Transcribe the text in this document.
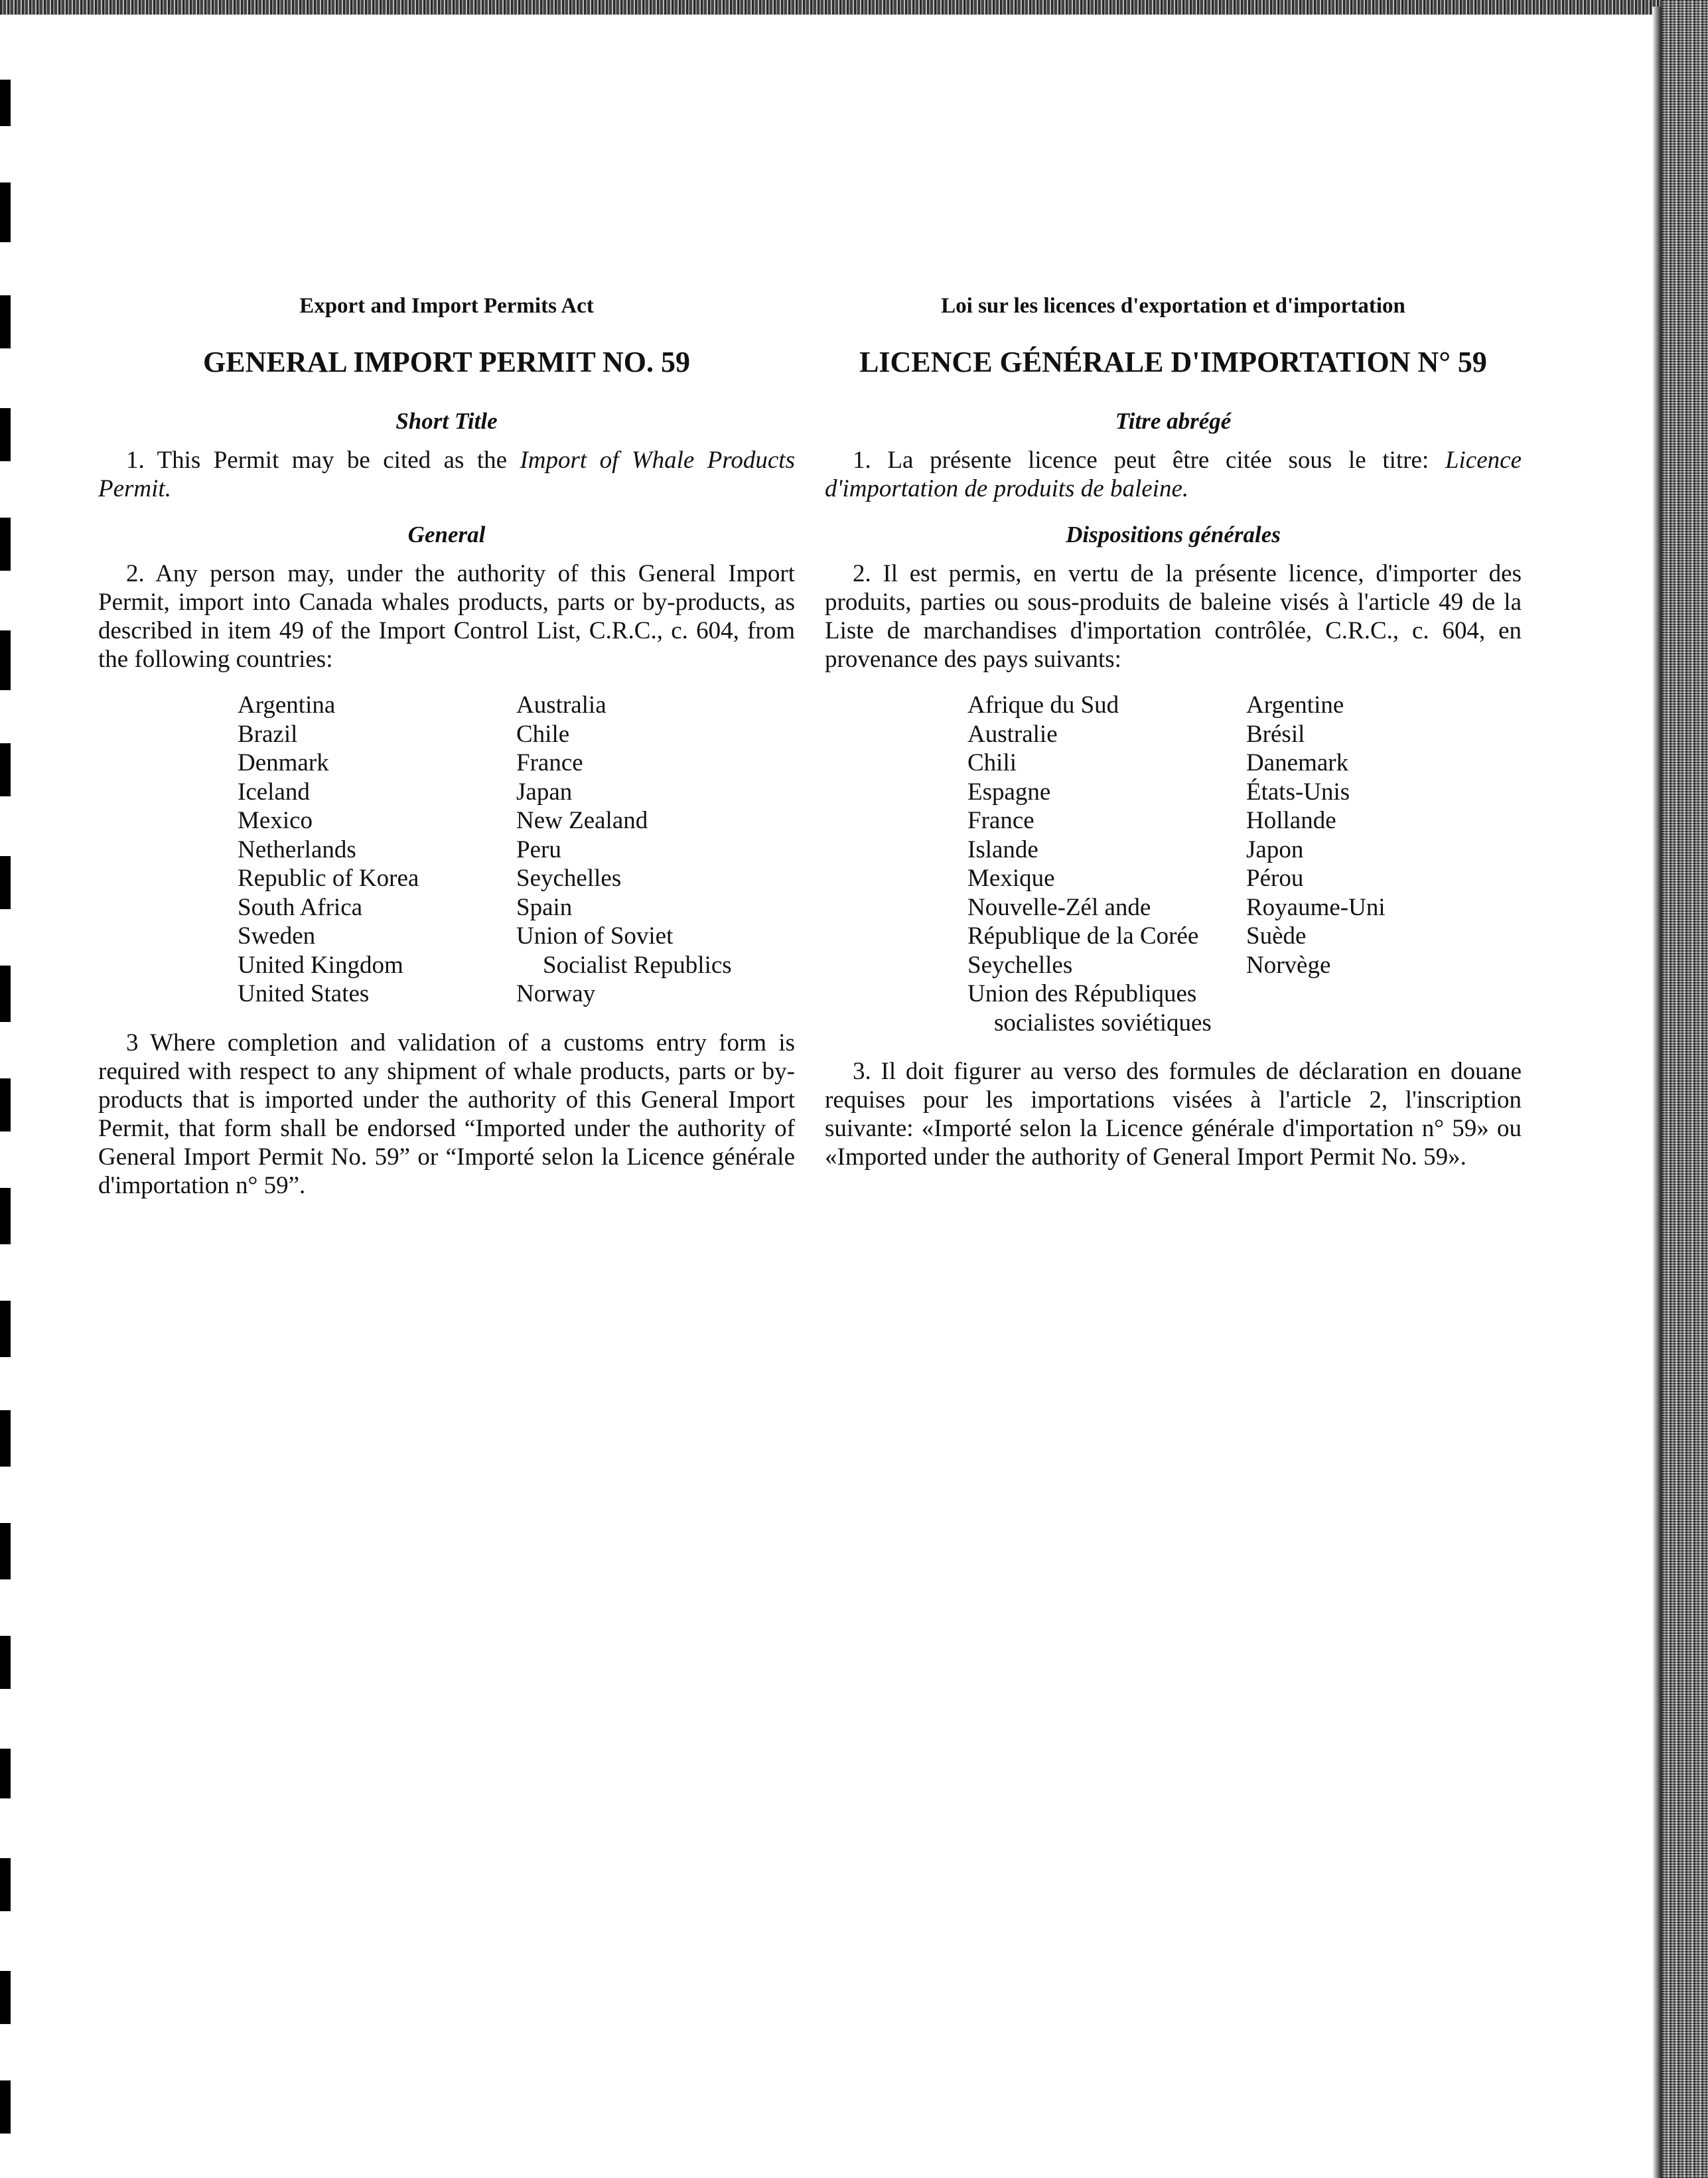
Export and Import Permits Act
GENERAL IMPORT PERMIT NO. 59
Short Title

1. This Permit may be cited as the Import of Whale Products Permit.

General

2. Any person may, under the authority of this General Import Permit, import into Canada whales products, parts or by-products, as described in item 49 of the Import Control List, C.R.C., c. 604, from the following countries:

Argentina	Australia
Brazil	Chile
Denmark	France
Iceland	Japan
Mexico	New Zealand
Netherlands	Peru
Republic of Korea	Seychelles
South Africa	Spain
Sweden	Union of Soviet
United Kingdom	Socialist Republics
United States	Norway

3 Where completion and validation of a customs entry form is required with respect to any shipment of whale products, parts or by-products that is imported under the authority of this General Import Permit, that form shall be endorsed “Imported under the authority of General Import Permit No. 59” or “Importé selon la Licence générale d'importation n° 59”.

Loi sur les licences d'exportation et d'importation
LICENCE GÉNÉRALE D'IMPORTATION N° 59
Titre abrégé

1. La présente licence peut être citée sous le titre: Licence d'importation de produits de baleine.

Dispositions générales

2. Il est permis, en vertu de la présente licence, d'importer des produits, parties ou sous-produits de baleine visés à l'article 49 de la Liste de marchandises d'importation contrôlée, C.R.C., c. 604, en provenance des pays suivants:

Afrique du Sud	Argentine
Australie	Brésil
Chili	Danemark
Espagne	États-Unis
France	Hollande
Islande	Japon
Mexique	Pérou
Nouvelle-Zél ande	Royaume-Uni
République de la Corée	Suède
Seychelles	Norvège
Union des Républiques
socialistes soviétiques

3. Il doit figurer au verso des formules de déclaration en douane requises pour les importations visées à l'article 2, l'inscription suivante: «Importé selon la Licence générale d'importation n° 59» ou «Imported under the authority of General Import Permit No. 59».
